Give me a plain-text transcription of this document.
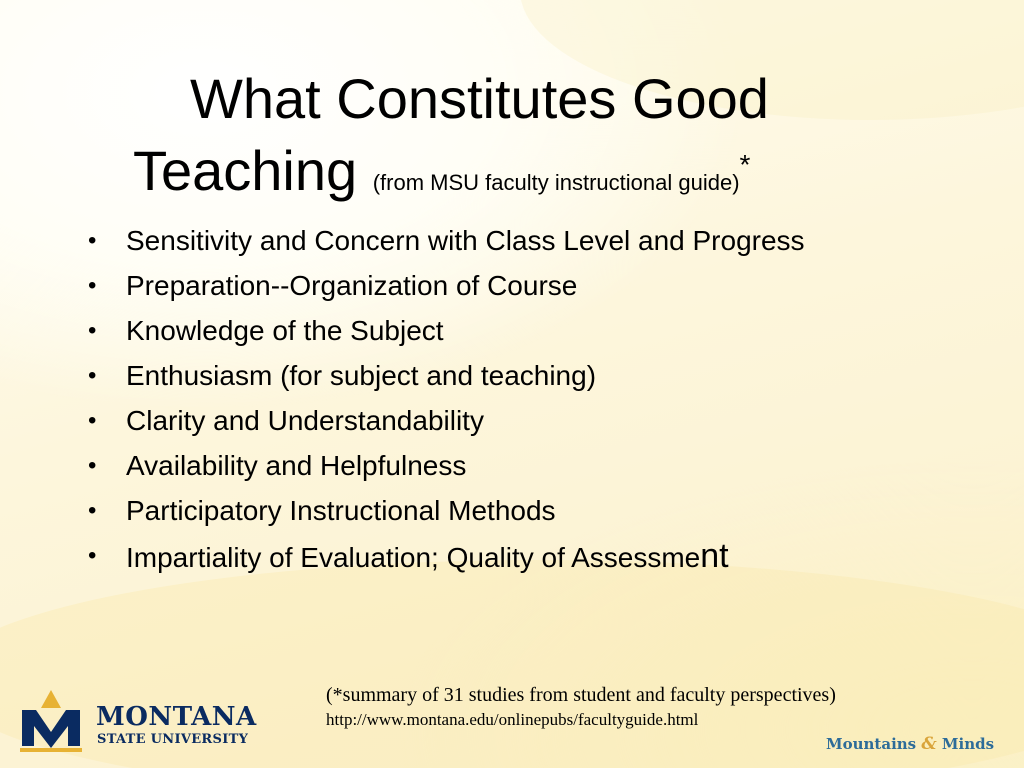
What Constitutes Good
Teaching (from MSU faculty instructional guide)*
• Sensitivity and Concern with Class Level and Progress
• Preparation--Organization of Course
• Knowledge of the Subject
• Enthusiasm (for subject and teaching)
• Clarity and Understandability
• Availability and Helpfulness
• Participatory Instructional Methods
• Impartiality of Evaluation; Quality of Assessment
(*summary of 31 studies from student and faculty perspectives)
http://www.montana.edu/onlinepubs/facultyguide.html
MONTANA
STATE UNIVERSITY	Mountains & Minds
